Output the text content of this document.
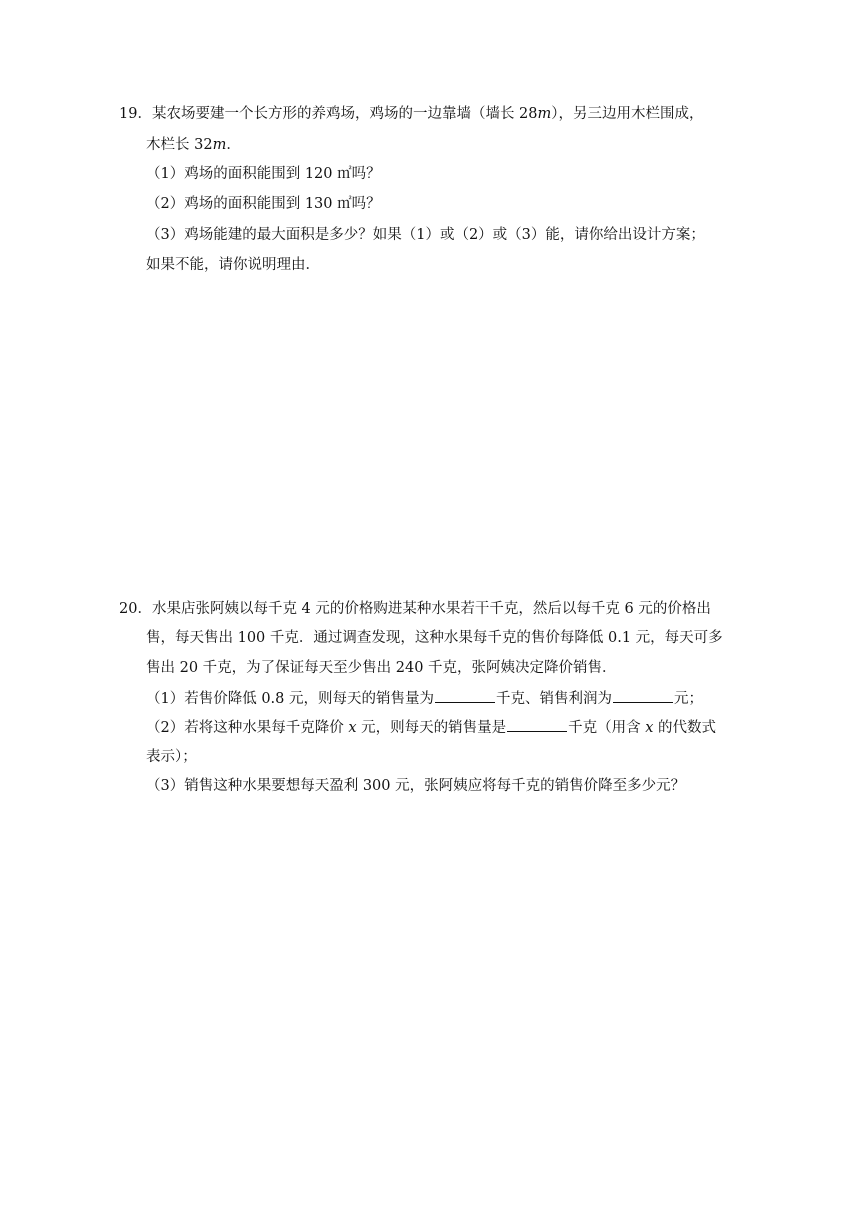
19．某农场要建一个长方形的养鸡场，鸡场的一边靠墙（墙长 28m），另三边用木栏围成，
木栏长 32m．
（1）鸡场的面积能围到 120 ㎡吗？
（2）鸡场的面积能围到 130 ㎡吗？
（3）鸡场能建的最大面积是多少？如果（1）或（2）或（3）能，请你给出设计方案；
如果不能，请你说明理由．
20．水果店张阿姨以每千克 4 元的价格购进某种水果若干千克，然后以每千克 6 元的价格出
售，每天售出 100 千克．通过调查发现，这种水果每千克的售价每降低 0.1 元，每天可多
售出 20 千克，为了保证每天至少售出 240 千克，张阿姨决定降价销售．
（1）若售价降低 0.8 元，则每天的销售量为	千克、销售利润为	元；
（2）若将这种水果每千克降价 x 元，则每天的销售量是	千克（用含 x 的代数式
表示）；
（3）销售这种水果要想每天盈利 300 元，张阿姨应将每千克的销售价降至多少元？
